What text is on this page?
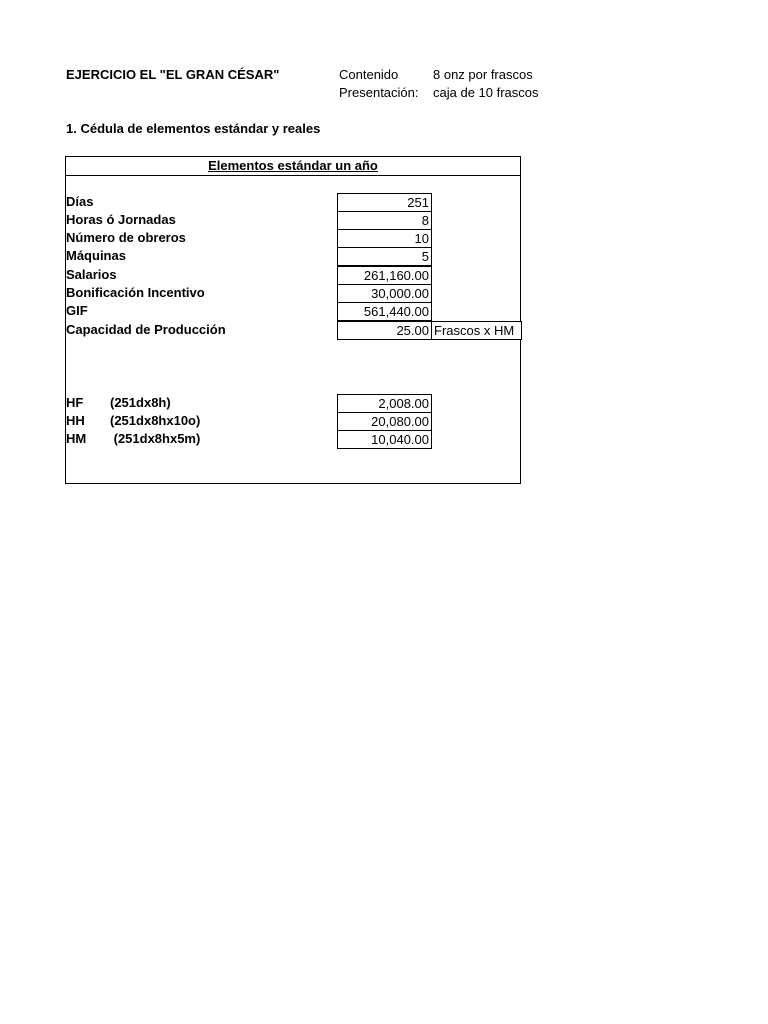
EJERCICIO EL "EL GRAN CÉSAR"	Contenido	8 onz por frascos
Presentación: caja de 10 frascos
1. Cédula de elementos estándar y reales
Elementos estándar un año
Días	251
Horas ó Jornadas	8
Número de obreros	10
Máquinas	5
Salarios	261,160.00
Bonificación Incentivo	30,000.00
GIF	561,440.00
Capacidad de Producción	25.00 Frascos x HM
HF (251dx8h)	2,008.00
HH (251dx8hx10o)	20,080.00
HM (251dx8hx5m)	10,040.00
